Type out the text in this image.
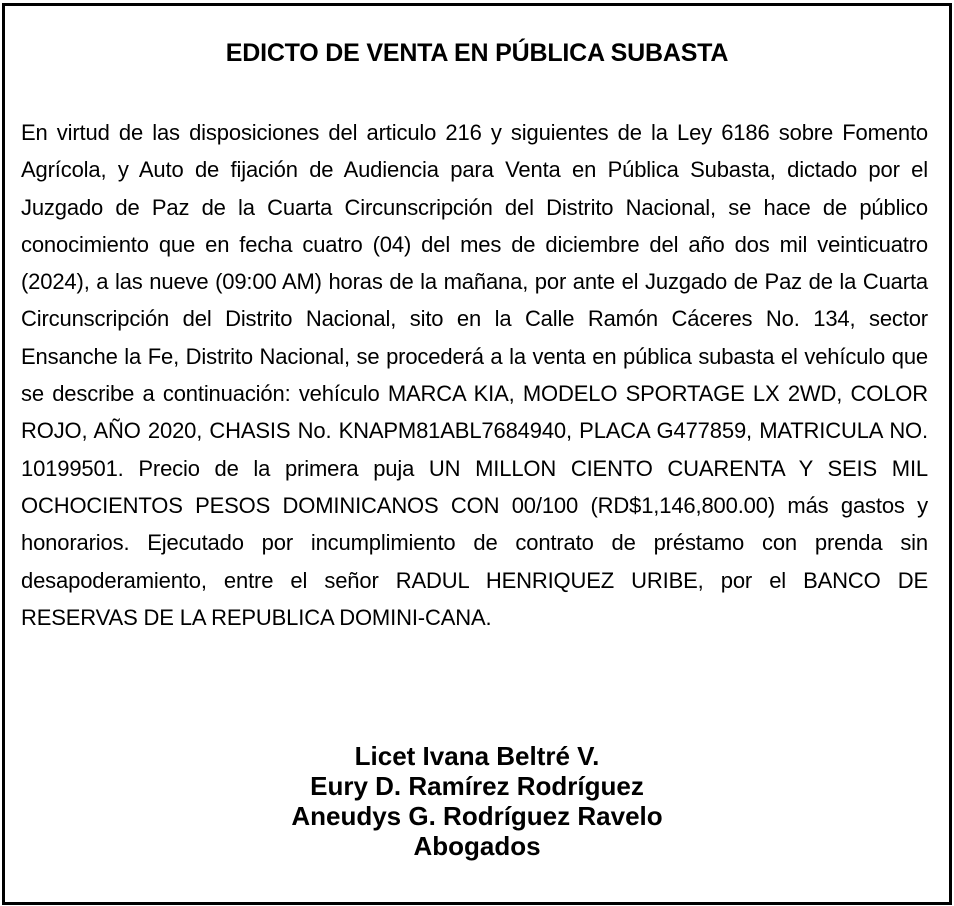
EDICTO DE VENTA EN PÚBLICA SUBASTA
En virtud de las disposiciones del articulo 216 y siguientes de la Ley 6186 sobre Fomento Agrícola, y Auto de fijación de Audiencia para Venta en Pública Subasta, dictado por el Juzgado de Paz de la Cuarta Circunscripción del Distrito Nacional, se hace de público conocimiento que en fecha cuatro (04) del mes de diciembre del año dos mil veinticuatro (2024), a las nueve (09:00 AM) horas de la mañana, por ante el Juzgado de Paz de la Cuarta Circunscripción del Distrito Nacional, sito en la Calle Ramón Cáceres No. 134, sector Ensanche la Fe, Distrito Nacional, se procederá a la venta en pública subasta el vehículo que se describe a continuación: vehículo MARCA KIA, MODELO SPORTAGE LX 2WD, COLOR ROJO, AÑO 2020, CHASIS No. KNAPM81ABL7684940, PLACA G477859, MATRICULA NO. 10199501. Precio de la primera puja UN MILLON CIENTO CUARENTA Y SEIS MIL OCHOCIENTOS PESOS DOMINICANOS CON 00/100 (RD$1,146,800.00) más gastos y honorarios. Ejecutado por incumplimiento de contrato de préstamo con prenda sin desapoderamiento, entre el señor RADUL HENRIQUEZ URIBE, por el BANCO DE RESERVAS DE LA REPUBLICA DOMINI-CANA.
Licet Ivana Beltré V.
Eury D. Ramírez Rodríguez
Aneudys G. Rodríguez Ravelo
Abogados
